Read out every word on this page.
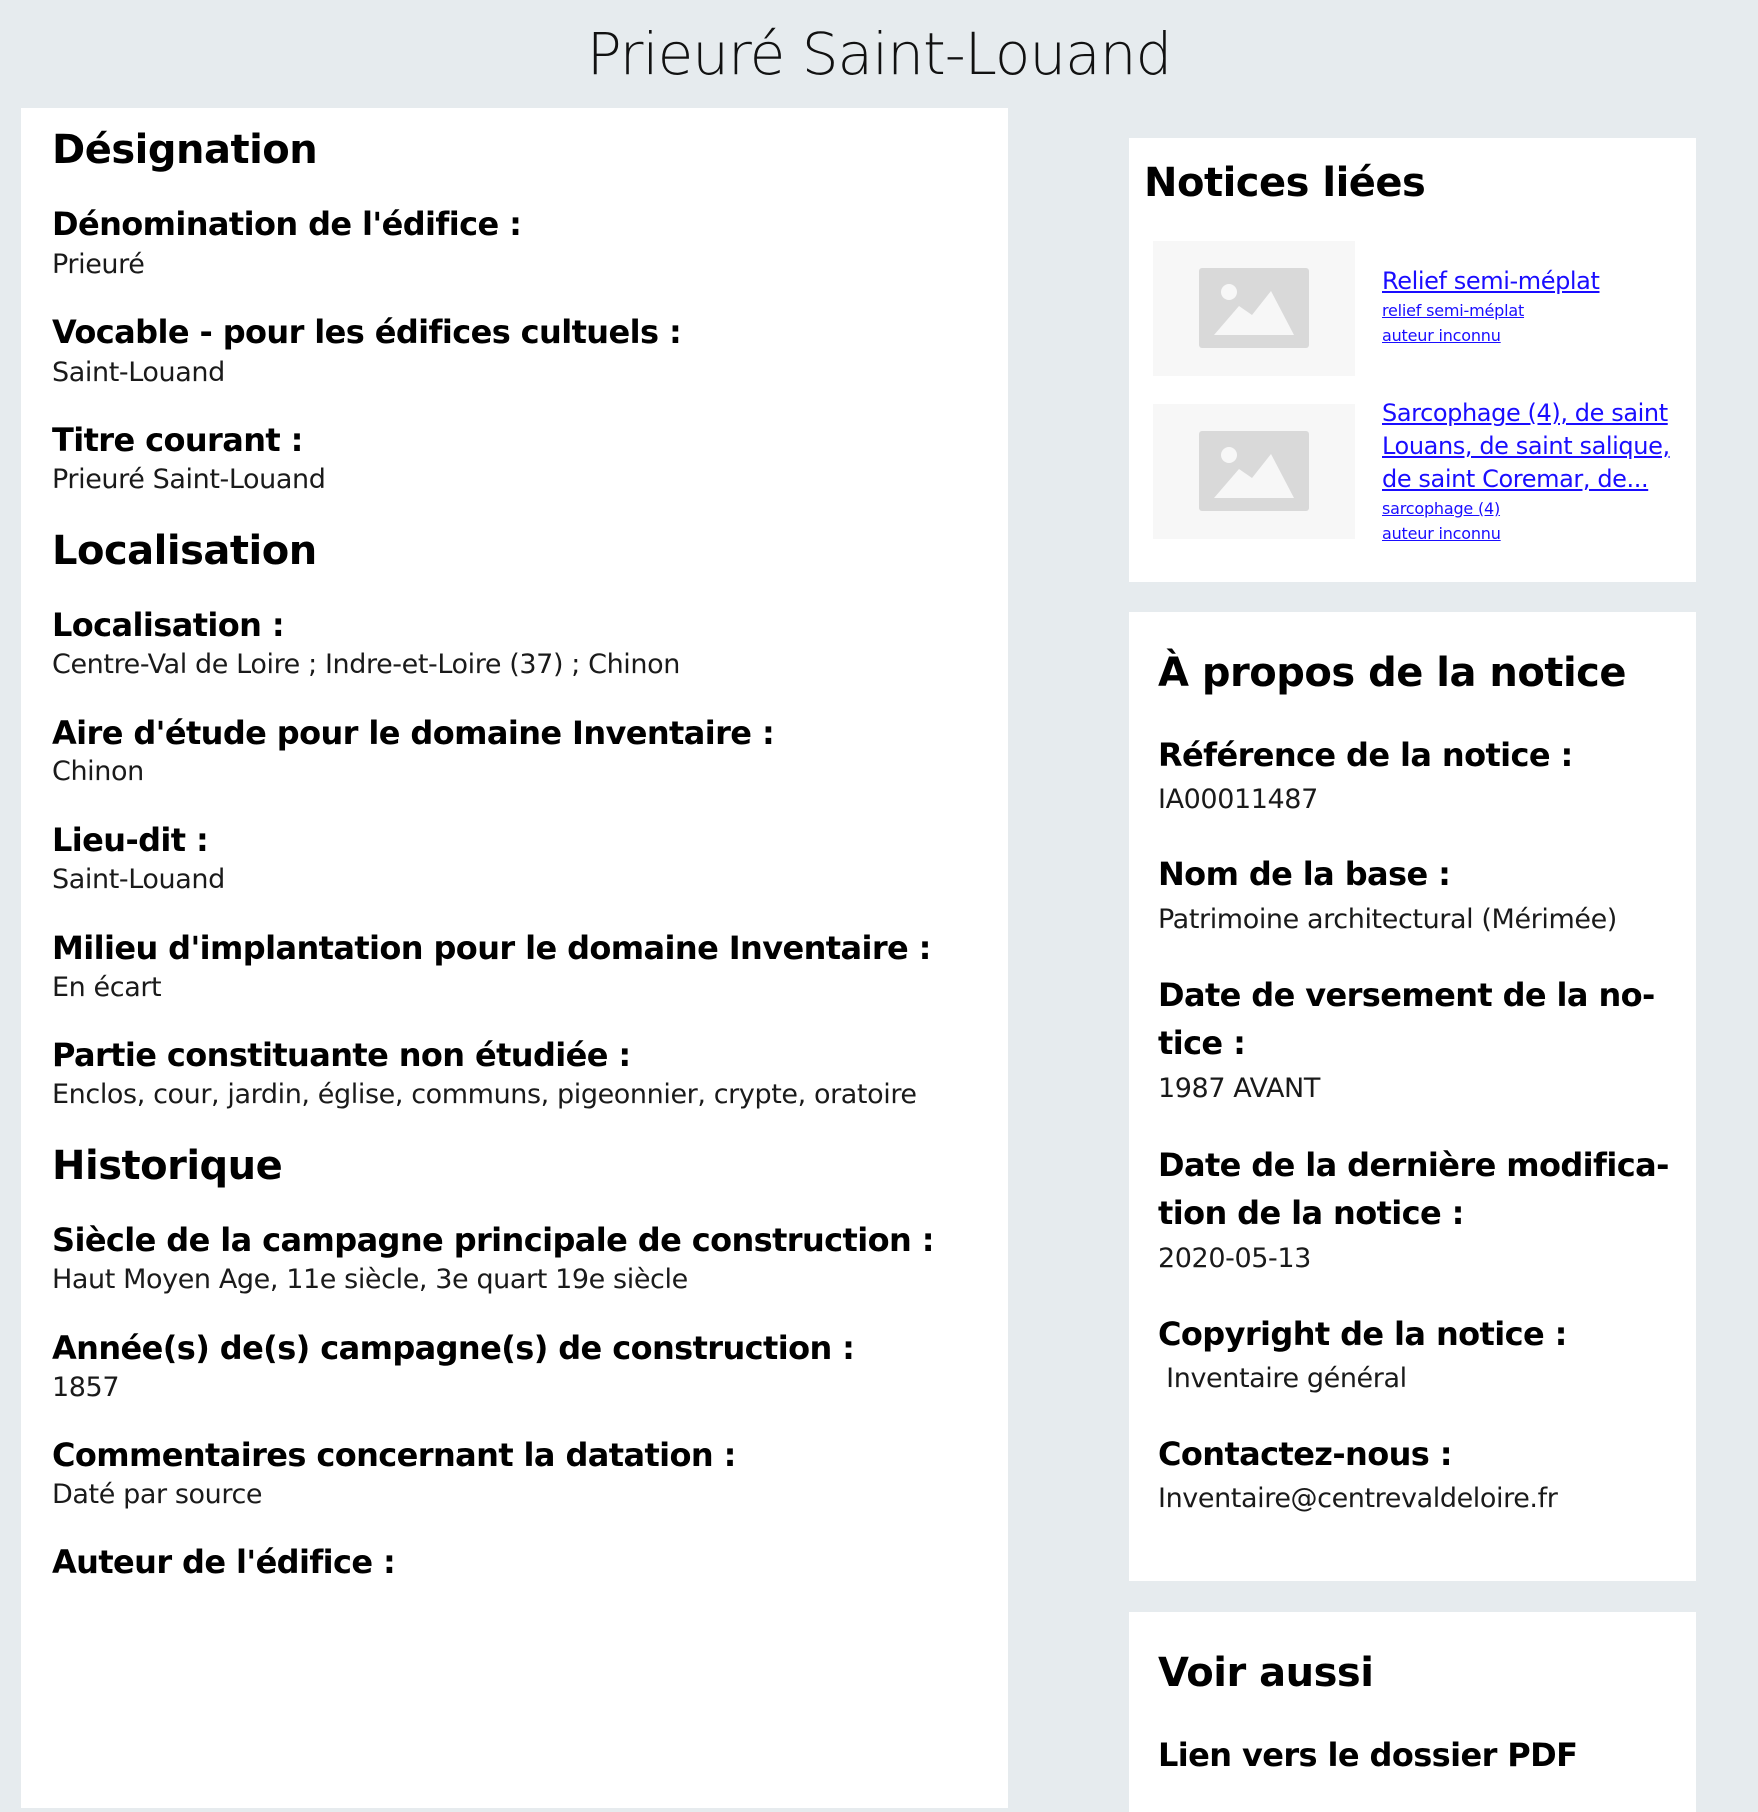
Prieuré Saint-Louand
Désignation
Dénomination de l'édifice :
Prieuré
Vocable - pour les édifices cultuels :
Saint-Louand
Titre courant :
Prieuré Saint-Louand
Localisation
Localisation :
Centre-Val de Loire ; Indre-et-Loire (37) ; Chinon
Aire d'étude pour le domaine Inventaire :
Chinon
Lieu-dit :
Saint-Louand
Milieu d'implantation pour le domaine Inventaire :
En écart
Partie constituante non étudiée :
Enclos, cour, jardin, église, communs, pigeonnier, crypte, oratoire
Historique
Siècle de la campagne principale de construction :
Haut Moyen Age, 11e siècle, 3e quart 19e siècle
Année(s) de(s) campagne(s) de construction :
1857
Commentaires concernant la datation :
Daté par source
Auteur de l'édifice :
Notices liées
Relief semi-méplat
relief semi-méplat
auteur inconnu
Sarcophage (4), de saint
Louans, de saint salique,
de saint Coremar, de...
sarcophage (4)
auteur inconnu
À propos de la notice
Référence de la notice :
IA00011487
Nom de la base :
Patrimoine architectural (Mérimée)
Date de versement de la no-
tice :
1987 AVANT
Date de la dernière modifica-
tion de la notice :
2020-05-13
Copyright de la notice :
Inventaire général
Contactez-nous :
Inventaire@centrevaldeloire.fr
Voir aussi
Lien vers le dossier PDF
